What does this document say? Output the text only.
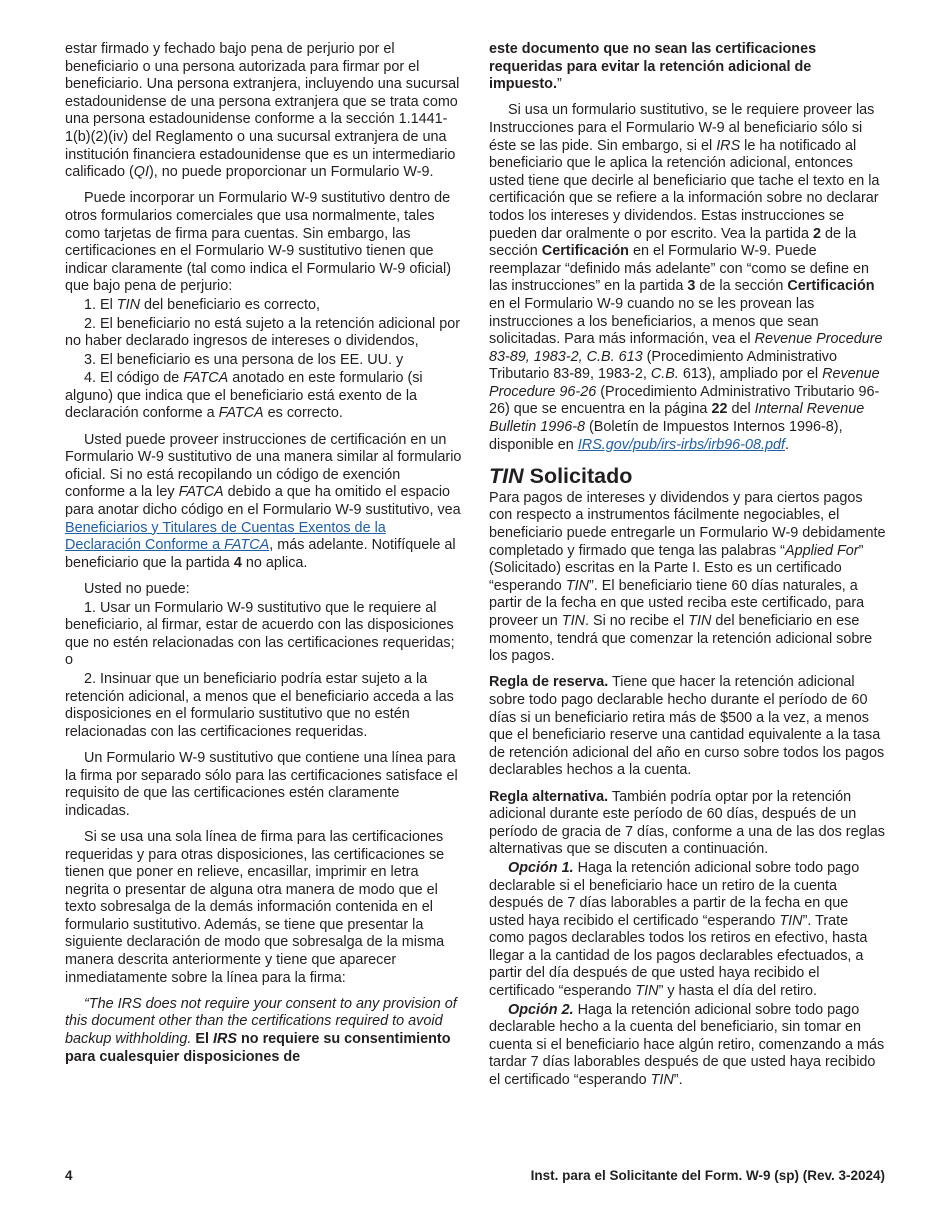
estar firmado y fechado bajo pena de perjurio por el beneficiario o una persona autorizada para firmar por el beneficiario. Una persona extranjera, incluyendo una sucursal estadounidense de una persona extranjera que se trata como una persona estadounidense conforme a la sección 1.1441-1(b)(2)(iv) del Reglamento o una sucursal extranjera de una institución financiera estadounidense que es un intermediario calificado (QI), no puede proporcionar un Formulario W-9.

Puede incorporar un Formulario W-9 sustitutivo dentro de otros formularios comerciales que usa normalmente, tales como tarjetas de firma para cuentas. Sin embargo, las certificaciones en el Formulario W-9 sustitutivo tienen que indicar claramente (tal como indica el Formulario W-9 oficial) que bajo pena de perjurio:

1. El TIN del beneficiario es correcto,

2. El beneficiario no está sujeto a la retención adicional por no haber declarado ingresos de intereses o dividendos,

3. El beneficiario es una persona de los EE. UU. y

4. El código de FATCA anotado en este formulario (si alguno) que indica que el beneficiario está exento de la declaración conforme a FATCA es correcto.

Usted puede proveer instrucciones de certificación en un Formulario W-9 sustitutivo de una manera similar al formulario oficial. Si no está recopilando un código de exención conforme a la ley FATCA debido a que ha omitido el espacio para anotar dicho código en el Formulario W-9 sustitutivo, vea Beneficiarios y Titulares de Cuentas Exentos de la Declaración Conforme a FATCA, más adelante. Notifíquele al beneficiario que la partida 4 no aplica.

Usted no puede:

1. Usar un Formulario W-9 sustitutivo que le requiere al beneficiario, al firmar, estar de acuerdo con las disposiciones que no estén relacionadas con las certificaciones requeridas; o

2. Insinuar que un beneficiario podría estar sujeto a la retención adicional, a menos que el beneficiario acceda a las disposiciones en el formulario sustitutivo que no estén relacionadas con las certificaciones requeridas.

Un Formulario W-9 sustitutivo que contiene una línea para la firma por separado sólo para las certificaciones satisface el requisito de que las certificaciones estén claramente indicadas.

Si se usa una sola línea de firma para las certificaciones requeridas y para otras disposiciones, las certificaciones se tienen que poner en relieve, encasillar, imprimir en letra negrita o presentar de alguna otra manera de modo que el texto sobresalga de la demás información contenida en el formulario sustitutivo. Además, se tiene que presentar la siguiente declaración de modo que sobresalga de la misma manera descrita anteriormente y tiene que aparecer inmediatamente sobre la línea para la firma:

“The IRS does not require your consent to any provision of this document other than the certifications required to avoid backup withholding. El IRS no requiere su consentimiento para cualesquier disposiciones de

este documento que no sean las certificaciones requeridas para evitar la retención adicional de impuesto.”

Si usa un formulario sustitutivo, se le requiere proveer las Instrucciones para el Formulario W-9 al beneficiario sólo si éste se las pide. Sin embargo, si el IRS le ha notificado al beneficiario que le aplica la retención adicional, entonces usted tiene que decirle al beneficiario que tache el texto en la certificación que se refiere a la información sobre no declarar todos los intereses y dividendos. Estas instrucciones se pueden dar oralmente o por escrito. Vea la partida 2 de la sección Certificación en el Formulario W-9. Puede reemplazar “definido más adelante” con “como se define en las instrucciones” en la partida 3 de la sección Certificación en el Formulario W-9 cuando no se les provean las instrucciones a los beneficiarios, a menos que sean solicitadas. Para más información, vea el Revenue Procedure 83-89, 1983-2, C.B. 613 (Procedimiento Administrativo Tributario 83-89, 1983-2, C.B. 613), ampliado por el Revenue Procedure 96-26 (Procedimiento Administrativo Tributario 96-26) que se encuentra en la página 22 del Internal Revenue Bulletin 1996-8 (Boletín de Impuestos Internos 1996-8), disponible en IRS.gov/pub/irs-irbs/irb96-08.pdf.

TIN Solicitado

Para pagos de intereses y dividendos y para ciertos pagos con respecto a instrumentos fácilmente negociables, el beneficiario puede entregarle un Formulario W-9 debidamente completado y firmado que tenga las palabras “Applied For” (Solicitado) escritas en la Parte I. Esto es un certificado “esperando TIN”. El beneficiario tiene 60 días naturales, a partir de la fecha en que usted reciba este certificado, para proveer un TIN. Si no recibe el TIN del beneficiario en ese momento, tendrá que comenzar la retención adicional sobre los pagos.

Regla de reserva. Tiene que hacer la retención adicional sobre todo pago declarable hecho durante el período de 60 días si un beneficiario retira más de $500 a la vez, a menos que el beneficiario reserve una cantidad equivalente a la tasa de retención adicional del año en curso sobre todos los pagos declarables hechos a la cuenta.

Regla alternativa. También podría optar por la retención adicional durante este período de 60 días, después de un período de gracia de 7 días, conforme a una de las dos reglas alternativas que se discuten a continuación.

Opción 1. Haga la retención adicional sobre todo pago declarable si el beneficiario hace un retiro de la cuenta después de 7 días laborables a partir de la fecha en que usted haya recibido el certificado “esperando TIN”. Trate como pagos declarables todos los retiros en efectivo, hasta llegar a la cantidad de los pagos declarables efectuados, a partir del día después de que usted haya recibido el certificado “esperando TIN” y hasta el día del retiro.

Opción 2. Haga la retención adicional sobre todo pago declarable hecho a la cuenta del beneficiario, sin tomar en cuenta si el beneficiario hace algún retiro, comenzando a más tardar 7 días laborables después de que usted haya recibido el certificado “esperando TIN”.

4	Inst. para el Solicitante del Form. W-9 (sp) (Rev. 3-2024)
